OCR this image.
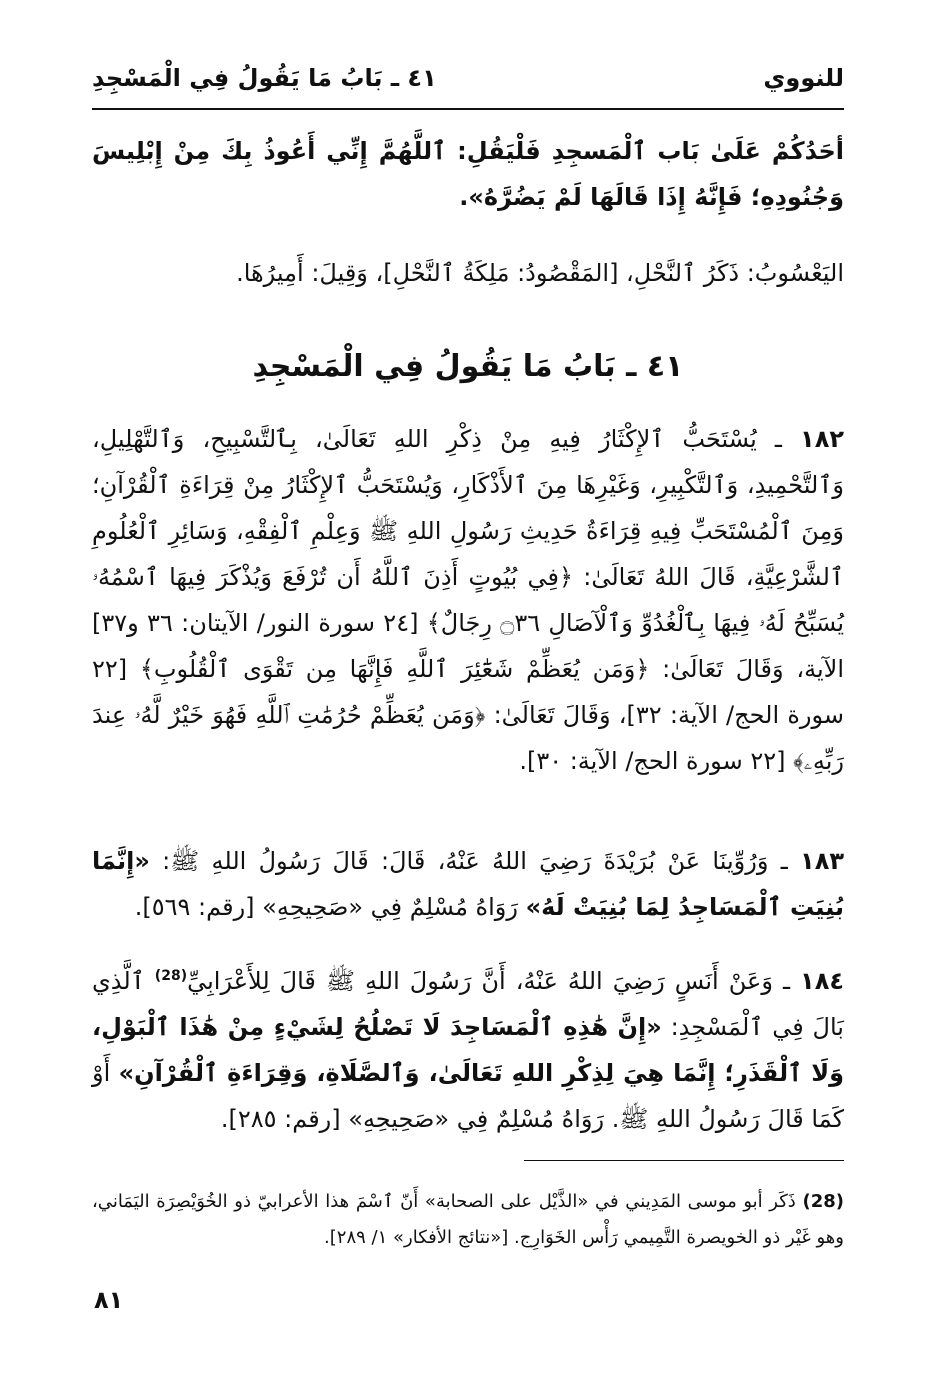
للنووي
٤١ ـ بَابُ مَا يَقُولُ فِي الْمَسْجِدِ

أحَدُكُمْ عَلَىٰ بَاب ٱلْمَسجِدِ فَلْيَقُلِ: ٱللَّهُمَّ إِنِّي أَعُوذُ بِكَ مِنْ إِبْلِيسَ وَجُنُودِهِ؛ فَإِنَّهُ إِذَا قَالَهَا لَمْ يَضُرَّهُ».

اليَعْسُوبُ: ذَكَرُ ٱلنَّحْلِ، [المَقْصُودُ: مَلِكَةُ ٱلنَّحْلِ]، وَقِيلَ: أَمِيرُهَا.

٤١ ـ بَابُ مَا يَقُولُ فِي الْمَسْجِدِ

١٨٢ ـ يُسْتَحَبُّ ٱلإِكْثَارُ فِيهِ مِنْ ذِكْرِ اللهِ تَعَالَىٰ، بِٱلتَّسْبِيحِ، وَٱلتَّهْلِيلِ، وَٱلتَّحْمِيدِ، وَٱلتَّكْبِيرِ، وَغَيْرِهَا مِنَ ٱلأَذْكَارِ، وَيُسْتَحَبُّ ٱلإِكْثَارُ مِنْ قِرَاءَةِ ٱلْقُرْآنِ؛ وَمِنَ ٱلْمُسْتَحَبِّ فِيهِ قِرَاءَةُ حَدِيثِ رَسُولِ اللهِ ﷺ وَعِلْمِ ٱلْفِقْهِ، وَسَائِرِ ٱلْعُلُومِ ٱلشَّرْعِيَّةِ، قَالَ اللهُ تَعَالَىٰ: ﴿فِي بُيُوتٍ أَذِنَ ٱللَّهُ أَن تُرْفَعَ وَيُذْكَرَ فِيهَا ٱسْمُهُۥ يُسَبِّحُ لَهُۥ فِيهَا بِٱلْغُدُوِّ وَٱلْآصَالِ ۝٣٦ رِجَالٌ﴾ [٢٤ سورة النور/ الآيتان: ٣٦ و٣٧] الآية، وَقَالَ تَعَالَىٰ: ﴿وَمَن يُعَظِّمْ شَعَٰٓئِرَ ٱللَّهِ فَإِنَّهَا مِن تَقْوَى ٱلْقُلُوبِ﴾ [٢٢ سورة الحج/ الآية: ٣٢]، وَقَالَ تَعَالَىٰ: ﴿وَمَن يُعَظِّمْ حُرُمَٰتِ ٱللَّهِ فَهُوَ خَيْرٌ لَّهُۥ عِندَ رَبِّهِۦ﴾ [٢٢ سورة الحج/ الآية: ٣٠].

١٨٣ ـ وَرُوِّينَا عَنْ بُرَيْدَةَ رَضِيَ اللهُ عَنْهُ، قَالَ: قَالَ رَسُولُ اللهِ ﷺ: «إِنَّمَا بُنِيَتِ ٱلْمَسَاجِدُ لِمَا بُنِيَتْ لَهُ» رَوَاهُ مُسْلِمٌ فِي «صَحِيحِهِ» [رقم: ٥٦٩].

١٨٤ ـ وَعَنْ أَنَسٍ رَضِيَ اللهُ عَنْهُ، أَنَّ رَسُولَ اللهِ ﷺ قَالَ لِلأَعْرَابِيِّ$^{(28)}$ ٱلَّذِي بَالَ فِي ٱلْمَسْجِدِ: «إِنَّ هَٰذِهِ ٱلْمَسَاجِدَ لَا تَصْلُحُ لِشَيْءٍ مِنْ هَٰذَا ٱلْبَوْلِ، وَلَا ٱلْقَذَرِ؛ إِنَّمَا هِيَ لِذِكْرِ اللهِ تَعَالَىٰ، وَٱلصَّلَاةِ، وَقِرَاءَةِ ٱلْقُرْآنِ» أَوْ كَمَا قَالَ رَسُولُ اللهِ ﷺ. رَوَاهُ مُسْلِمٌ فِي «صَحِيحِهِ» [رقم: ٢٨٥].

(28) ذَكَر أبو موسى المَدِيني في «الذَّيْل على الصحابة» أَنّ ٱسْمَ هذا الأعرابيّ ذو الخُوَيْصِرَة اليَمَاني، وهو غَيْر ذو الخويصرة التَّمِيمي رَأْس الخَوَارِج. [«نتائج الأفكار» ١/ ٢٨٩].

٨١
